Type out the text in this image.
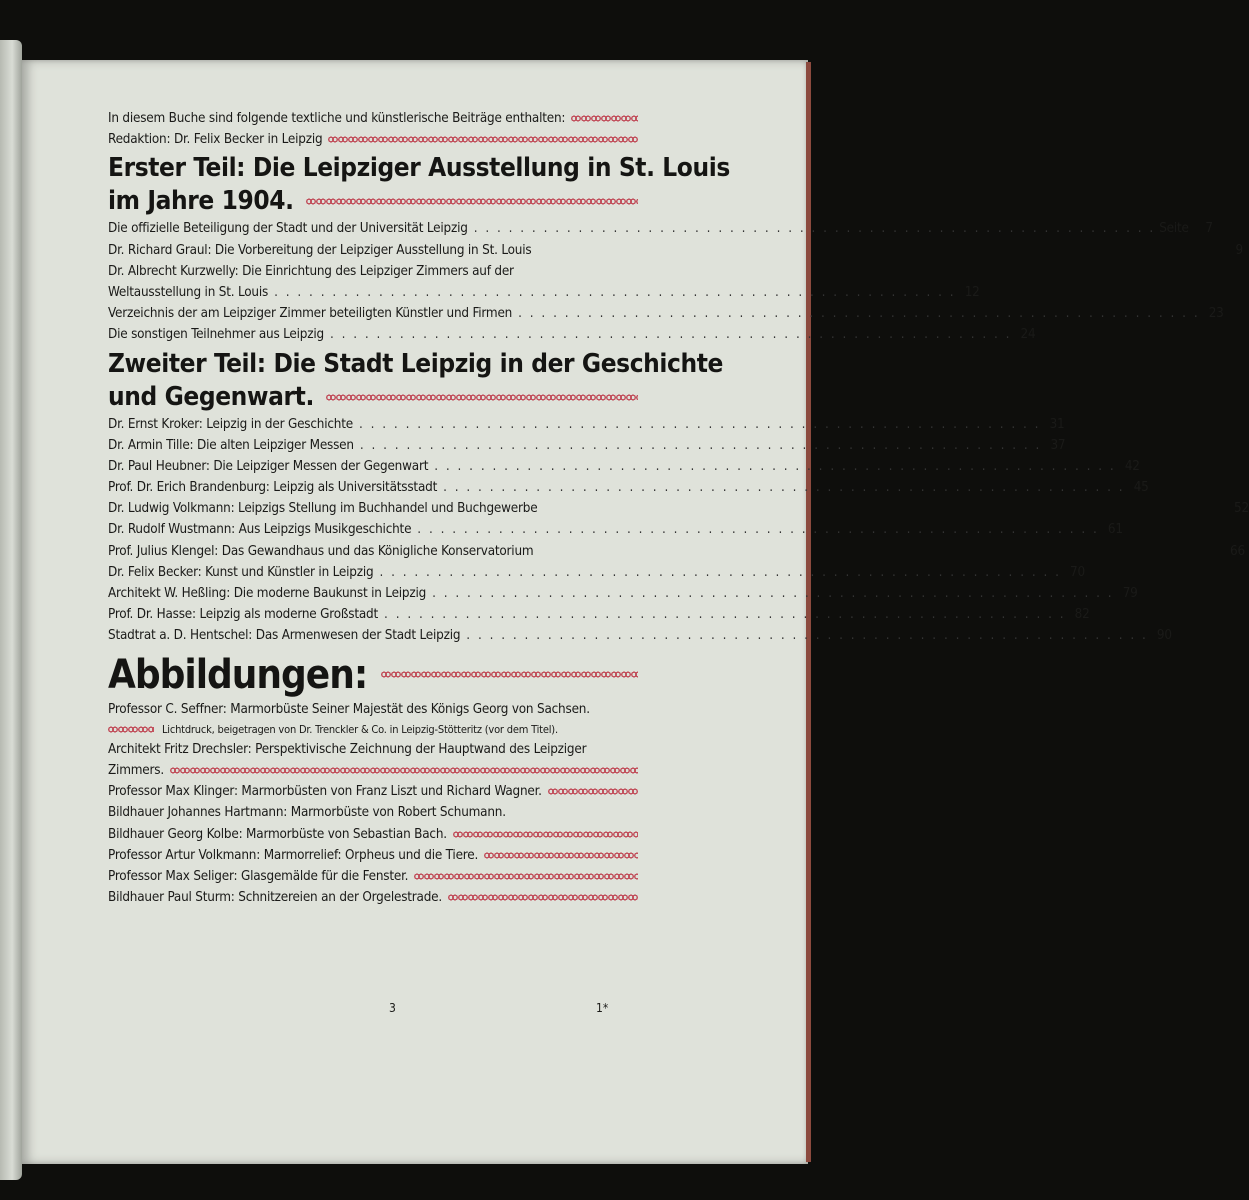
In diesem Buche sind folgende textliche und künstlerische Beiträge enthalten:
Redaktion: Dr. Felix Becker in Leipzig
Erster Teil: Die Leipziger Ausstellung in St. Louis
im Jahre 1904.
Die offizielle Beteiligung der Stadt und der Universität Leipzig . . .	Seite	7
Dr. Richard Graul: Die Vorbereitung der Leipziger Ausstellung in St. Louis	9
Dr. Albrecht Kurzwelly: Die Einrichtung des Leipziger Zimmers auf der
Weltausstellung in St. Louis . . .	12
Verzeichnis der am Leipziger Zimmer beteiligten Künstler und Firmen . . .	23
Die sonstigen Teilnehmer aus Leipzig . . .	24
Zweiter Teil: Die Stadt Leipzig in der Geschichte
und Gegenwart.
Dr. Ernst Kroker: Leipzig in der Geschichte . . .	31
Dr. Armin Tille: Die alten Leipziger Messen . . .	37
Dr. Paul Heubner: Die Leipziger Messen der Gegenwart . . .	42
Prof. Dr. Erich Brandenburg: Leipzig als Universitätsstadt . . .	45
Dr. Ludwig Volkmann: Leipzigs Stellung im Buchhandel und Buchgewerbe	52
Dr. Rudolf Wustmann: Aus Leipzigs Musikgeschichte . . .	61
Prof. Julius Klengel: Das Gewandhaus und das Königliche Konservatorium	66
Dr. Felix Becker: Kunst und Künstler in Leipzig . . .	70
Architekt W. Heßling: Die moderne Baukunst in Leipzig . . .	79
Prof. Dr. Hasse: Leipzig als moderne Großstadt . . .	82
Stadtrat a. D. Hentschel: Das Armenwesen der Stadt Leipzig . . .	90
Abbildungen:
Professor C. Seffner: Marmorbüste Seiner Majestät des Königs Georg von Sachsen.
Lichtdruck, beigetragen von Dr. Trenckler & Co. in Leipzig-Stötteritz (vor dem Titel).
Architekt Fritz Drechsler: Perspektivische Zeichnung der Hauptwand des Leipziger
Zimmers.
Professor Max Klinger: Marmorbüsten von Franz Liszt und Richard Wagner.
Bildhauer Johannes Hartmann: Marmorbüste von Robert Schumann.
Bildhauer Georg Kolbe: Marmorbüste von Sebastian Bach.
Professor Artur Volkmann: Marmorrelief: Orpheus und die Tiere.
Professor Max Seliger: Glasgemälde für die Fenster.
Bildhauer Paul Sturm: Schnitzereien an der Orgelestrade.
3	1*
